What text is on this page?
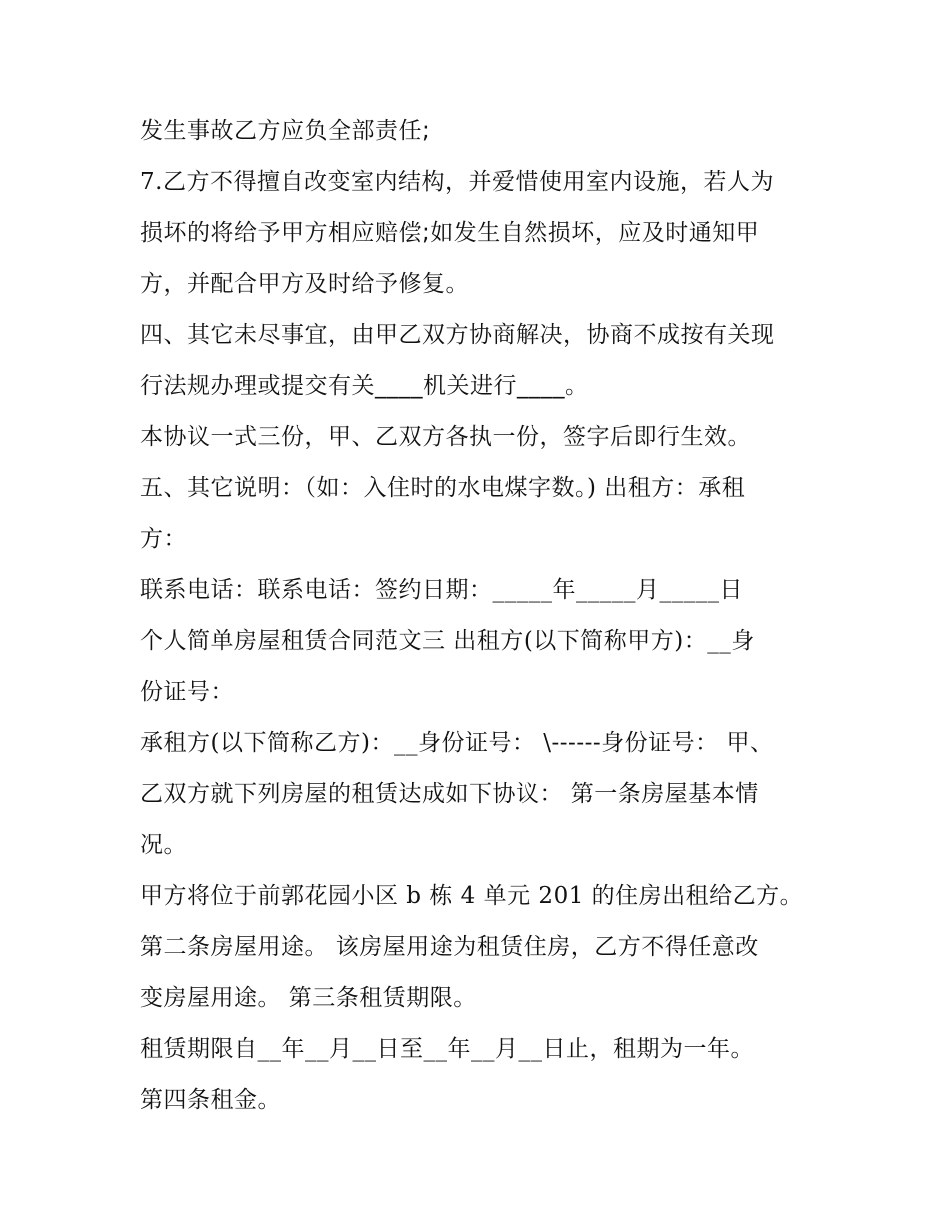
发生事故乙方应负全部责任;
7.乙方不得擅自改变室内结构，并爱惜使用室内设施，若人为
损坏的将给予甲方相应赔偿;如发生自然损坏，应及时通知甲
方，并配合甲方及时给予修复。
四、其它未尽事宜，由甲乙双方协商解决，协商不成按有关现
行法规办理或提交有关____机关进行____。
本协议一式三份，甲、乙双方各执一份，签字后即行生效。
五、其它说明：（如：入住时的水电煤字数。) 出租方：承租
方：
联系电话：联系电话：签约日期：_____年_____月_____日
个人简单房屋租赁合同范文三 出租方(以下简称甲方)：__身
份证号：
承租方(以下简称乙方)：__身份证号： \------身份证号： 甲、
乙双方就下列房屋的租赁达成如下协议： 第一条房屋基本情
况。
甲方将位于前郭花园小区 b 栋 4 单元 201 的住房出租给乙方。
第二条房屋用途。 该房屋用途为租赁住房，乙方不得任意改
变房屋用途。 第三条租赁期限。
租赁期限自__年__月__日至__年__月__日止，租期为一年。
第四条租金。
